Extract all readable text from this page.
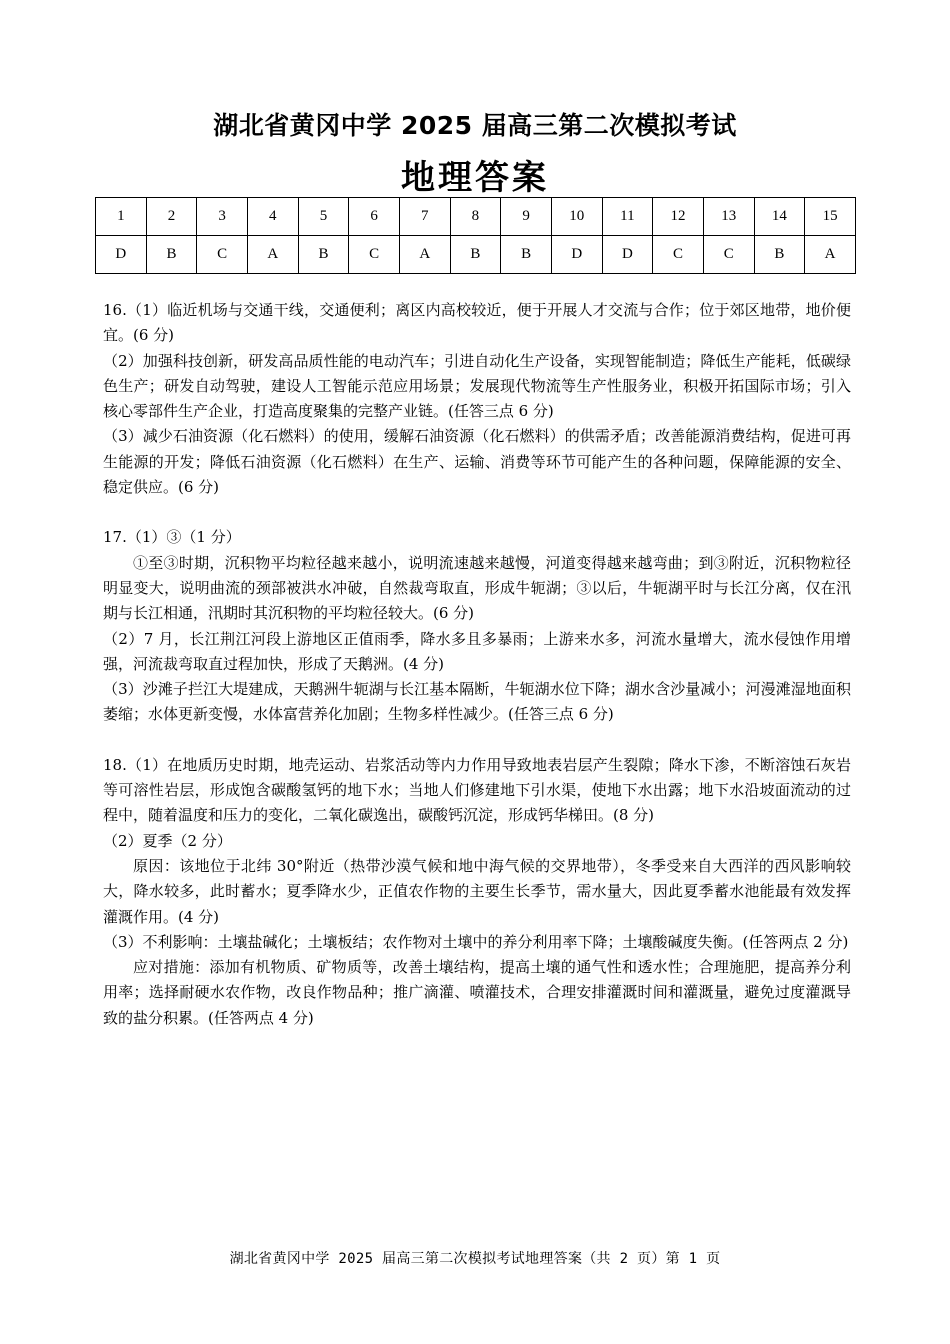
湖北省黄冈中学 2025 届高三第二次模拟考试
地理答案
1	2	3	4	5	6	7	8	9	10	11	12	13	14	15
D	B	C	A	B	C	A	B	B	D	D	C	C	B	A

16.（1）临近机场与交通干线，交通便利；离区内高校较近，便于开展人才交流与合作；位于郊区地带，地价便宜。(6 分)

（2）加强科技创新，研发高品质性能的电动汽车；引进自动化生产设备，实现智能制造；降低生产能耗，低碳绿色生产；研发自动驾驶，建设人工智能示范应用场景；发展现代物流等生产性服务业，积极开拓国际市场；引入核心零部件生产企业，打造高度聚集的完整产业链。(任答三点 6 分)

（3）减少石油资源（化石燃料）的使用，缓解石油资源（化石燃料）的供需矛盾；改善能源消费结构，促进可再生能源的开发；降低石油资源（化石燃料）在生产、运输、消费等环节可能产生的各种问题，保障能源的安全、稳定供应。(6 分)

17.（1）③（1 分）

①至③时期，沉积物平均粒径越来越小，说明流速越来越慢，河道变得越来越弯曲；到③附近，沉积物粒径明显变大，说明曲流的颈部被洪水冲破，自然裁弯取直，形成牛轭湖；③以后，牛轭湖平时与长江分离，仅在汛期与长江相通，汛期时其沉积物的平均粒径较大。(6 分)

（2）7 月，长江荆江河段上游地区正值雨季，降水多且多暴雨；上游来水多，河流水量增大，流水侵蚀作用增强，河流裁弯取直过程加快，形成了天鹅洲。(4 分)

（3）沙滩子拦江大堤建成，天鹅洲牛轭湖与长江基本隔断，牛轭湖水位下降；湖水含沙量减小；河漫滩湿地面积萎缩；水体更新变慢，水体富营养化加剧；生物多样性减少。(任答三点 6 分)

18.（1）在地质历史时期，地壳运动、岩浆活动等内力作用导致地表岩层产生裂隙；降水下渗，不断溶蚀石灰岩等可溶性岩层，形成饱含碳酸氢钙的地下水；当地人们修建地下引水渠，使地下水出露；地下水沿坡面流动的过程中，随着温度和压力的变化，二氧化碳逸出，碳酸钙沉淀，形成钙华梯田。(8 分)

（2）夏季（2 分）

原因：该地位于北纬 30°附近（热带沙漠气候和地中海气候的交界地带），冬季受来自大西洋的西风影响较大，降水较多，此时蓄水；夏季降水少，正值农作物的主要生长季节，需水量大，因此夏季蓄水池能最有效发挥灌溉作用。(4 分)

（3）不利影响：土壤盐碱化；土壤板结；农作物对土壤中的养分利用率下降；土壤酸碱度失衡。(任答两点 2 分)

应对措施：添加有机物质、矿物质等，改善土壤结构，提高土壤的通气性和透水性；合理施肥，提高养分利用率；选择耐硬水农作物，改良作物品种；推广滴灌、喷灌技术，合理安排灌溉时间和灌溉量，避免过度灌溉导致的盐分积累。(任答两点 4 分)

湖北省黄冈中学 2025 届高三第二次模拟考试地理答案（共 2 页）第 1 页
